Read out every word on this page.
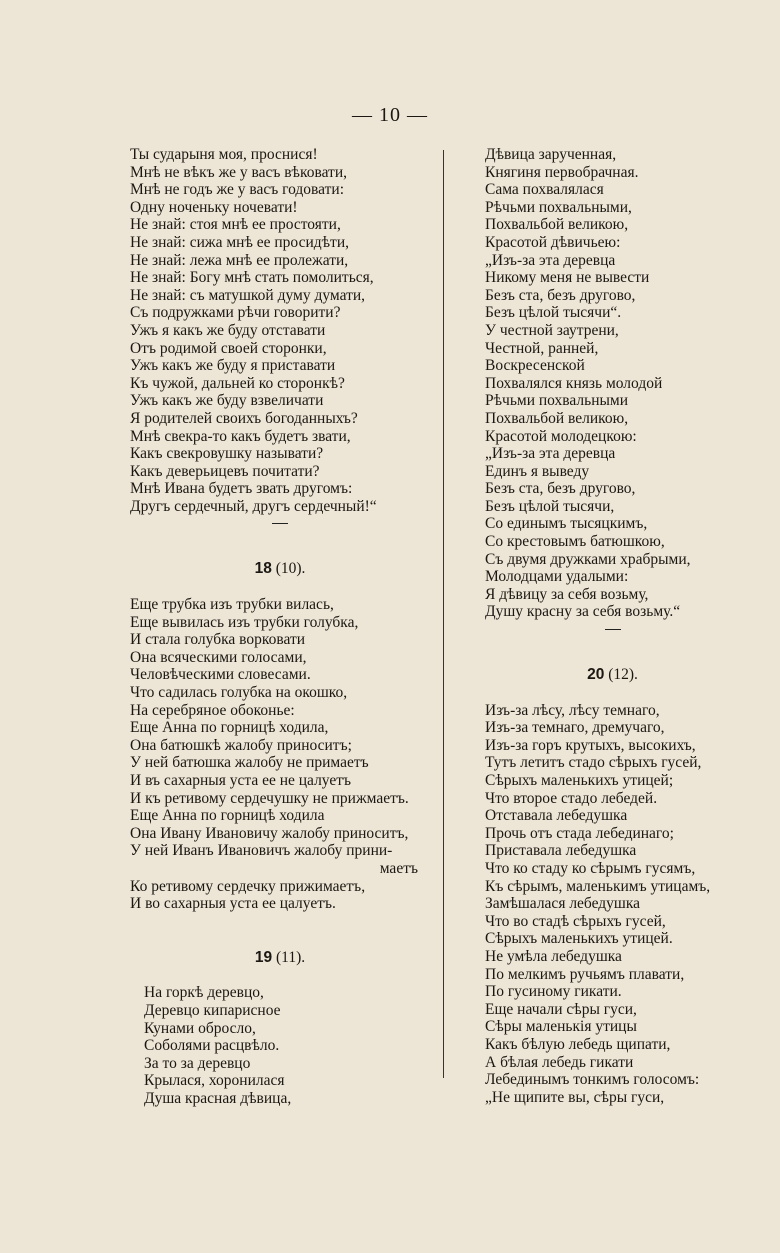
— 10 —
Ты сударыня моя, проснися!
Мнѣ не вѣкъ же у васъ вѣковати,
Мнѣ не годъ же у васъ годовати:
Одну ноченьку ночевати!
Не знай: стоя мнѣ ее простояти,
Не знай: сижа мнѣ ее просидѣти,
Не знай: лежа мнѣ ее пролежати,
Не знай: Богу мнѣ стать помолиться,
Не знай: съ матушкой думу думати,
Съ подружками рѣчи говорити?
Ужъ я какъ же буду отставати
Отъ родимой своей сторонки,
Ужъ какъ же буду я приставати
Къ чужой, дальней ко сторонкѣ?
Ужъ какъ же буду взвеличати
Я родителей своихъ богоданныхъ?
Мнѣ свекра-то какъ будетъ звати,
Какъ свекровушку называти?
Какъ деверьицевъ почитати?
Мнѣ Ивана будетъ звать другомъ:
Другъ сердечный, другъ сердечный!“
18 (10).
Еще трубка изъ трубки вилась,
Еще вывилась изъ трубки голубка,
И стала голубка ворковати
Она всяческими голосами,
Человѣческими словесами.
Что садилась голубка на окошко,
На серебряное обоконье:
Еще Анна по горницѣ ходила,
Она батюшкѣ жалобу приноситъ;
У ней батюшка жалобу не примаетъ
И въ сахарныя уста ее не цалуетъ
И къ ретивому сердечушку не прижмаетъ.
Еще Анна по горницѣ ходила
Она Ивану Ивановичу жалобу приноситъ,
У ней Иванъ Ивановичъ жалобу прини-
маетъ
Ко ретивому сердечку прижимаетъ,
И во сахарныя уста ее цалуетъ.
19 (11).
На горкѣ деревцо,
Деревцо кипарисное
Кунами обросло,
Соболями расцвѣло.
За то за деревцо
Крылася, хоронилася
Душа красная дѣвица,
Дѣвица зарученная,
Княгиня первобрачная.
Сама похвалялася
Рѣчьми похвальными,
Похвальбой великою,
Красотой дѣвичьею:
„Изъ-за эта деревца
Никому меня не вывести
Безъ ста, безъ другово,
Безъ цѣлой тысячи“.
У честной заутрени,
Честной, ранней,
Воскресенской
Похвалялся князь молодой
Рѣчьми похвальными
Похвальбой великою,
Красотой молодецкою:
„Изъ-за эта деревца
Единъ я выведу
Безъ ста, безъ другово,
Безъ цѣлой тысячи,
Со единымъ тысяцкимъ,
Со крестовымъ батюшкою,
Съ двумя дружками храбрыми,
Молодцами удалыми:
Я дѣвицу за себя возьму,
Душу красну за себя возьму.“
20 (12).
Изъ-за лѣсу, лѣсу темнаго,
Изъ-за темнаго, дремучаго,
Изъ-за горъ крутыхъ, высокихъ,
Тутъ летитъ стадо сѣрыхъ гусей,
Сѣрыхъ маленькихъ утицей;
Что второе стадо лебедей.
Отставала лебедушка
Прочь отъ стада лебединаго;
Приставала лебедушка
Что ко стаду ко сѣрымъ гусямъ,
Къ сѣрымъ, маленькимъ утицамъ,
Замѣшалася лебедушка
Что во стадѣ сѣрыхъ гусей,
Сѣрыхъ маленькихъ утицей.
Не умѣла лебедушка
По мелкимъ ручьямъ плавати,
По гусиному гикати.
Еще начали сѣры гуси,
Сѣры маленькія утицы
Какъ бѣлую лебедь щипати,
А бѣлая лебедь гикати
Лебединымъ тонкимъ голосомъ:
„Не щипите вы, сѣры гуси,
